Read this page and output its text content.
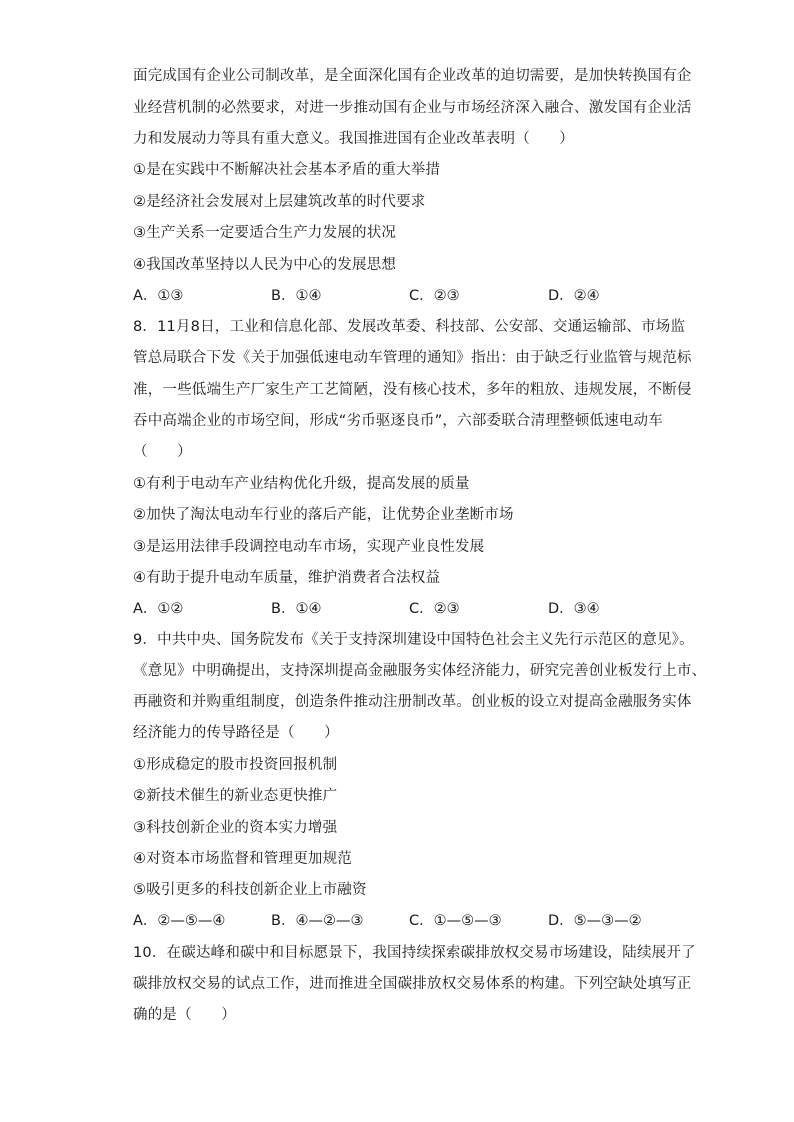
面完成国有企业公司制改革，是全面深化国有企业改革的迫切需要，是加快转换国有企
业经营机制的必然要求，对进一步推动国有企业与市场经济深入融合、激发国有企业活
力和发展动力等具有重大意义。我国推进国有企业改革表明（　　）
①是在实践中不断解决社会基本矛盾的重大举措
②是经济社会发展对上层建筑改革的时代要求
③生产关系一定要适合生产力发展的状况
④我国改革坚持以人民为中心的发展思想
A．①③	B．①④	C．②③	D．②④
8．11月8日，工业和信息化部、发展改革委、科技部、公安部、交通运输部、市场监
管总局联合下发《关于加强低速电动车管理的通知》指出：由于缺乏行业监管与规范标
准，一些低端生产厂家生产工艺简陋，没有核心技术，多年的粗放、违规发展，不断侵
吞中高端企业的市场空间，形成“劣币驱逐良币”，六部委联合清理整顿低速电动车
（　　）
①有利于电动车产业结构优化升级，提高发展的质量
②加快了淘汰电动车行业的落后产能，让优势企业垄断市场
③是运用法律手段调控电动车市场，实现产业良性发展
④有助于提升电动车质量，维护消费者合法权益
A．①②	B．①④	C．②③	D．③④
9．中共中央、国务院发布《关于支持深圳建设中国特色社会主义先行示范区的意见》。
《意见》中明确提出，支持深圳提高金融服务实体经济能力，研究完善创业板发行上市、
再融资和并购重组制度，创造条件推动注册制改革。创业板的设立对提高金融服务实体
经济能力的传导路径是（　　）
①形成稳定的股市投资回报机制
②新技术催生的新业态更快推广
③科技创新企业的资本实力增强
④对资本市场监督和管理更加规范
⑤吸引更多的科技创新企业上市融资
A．②—⑤—④	B．④—②—③	C．①—⑤—③	D．⑤—③—②
10．在碳达峰和碳中和目标愿景下，我国持续探索碳排放权交易市场建设，陆续展开了
碳排放权交易的试点工作，进而推进全国碳排放权交易体系的构建。下列空缺处填写正
确的是（　　）
